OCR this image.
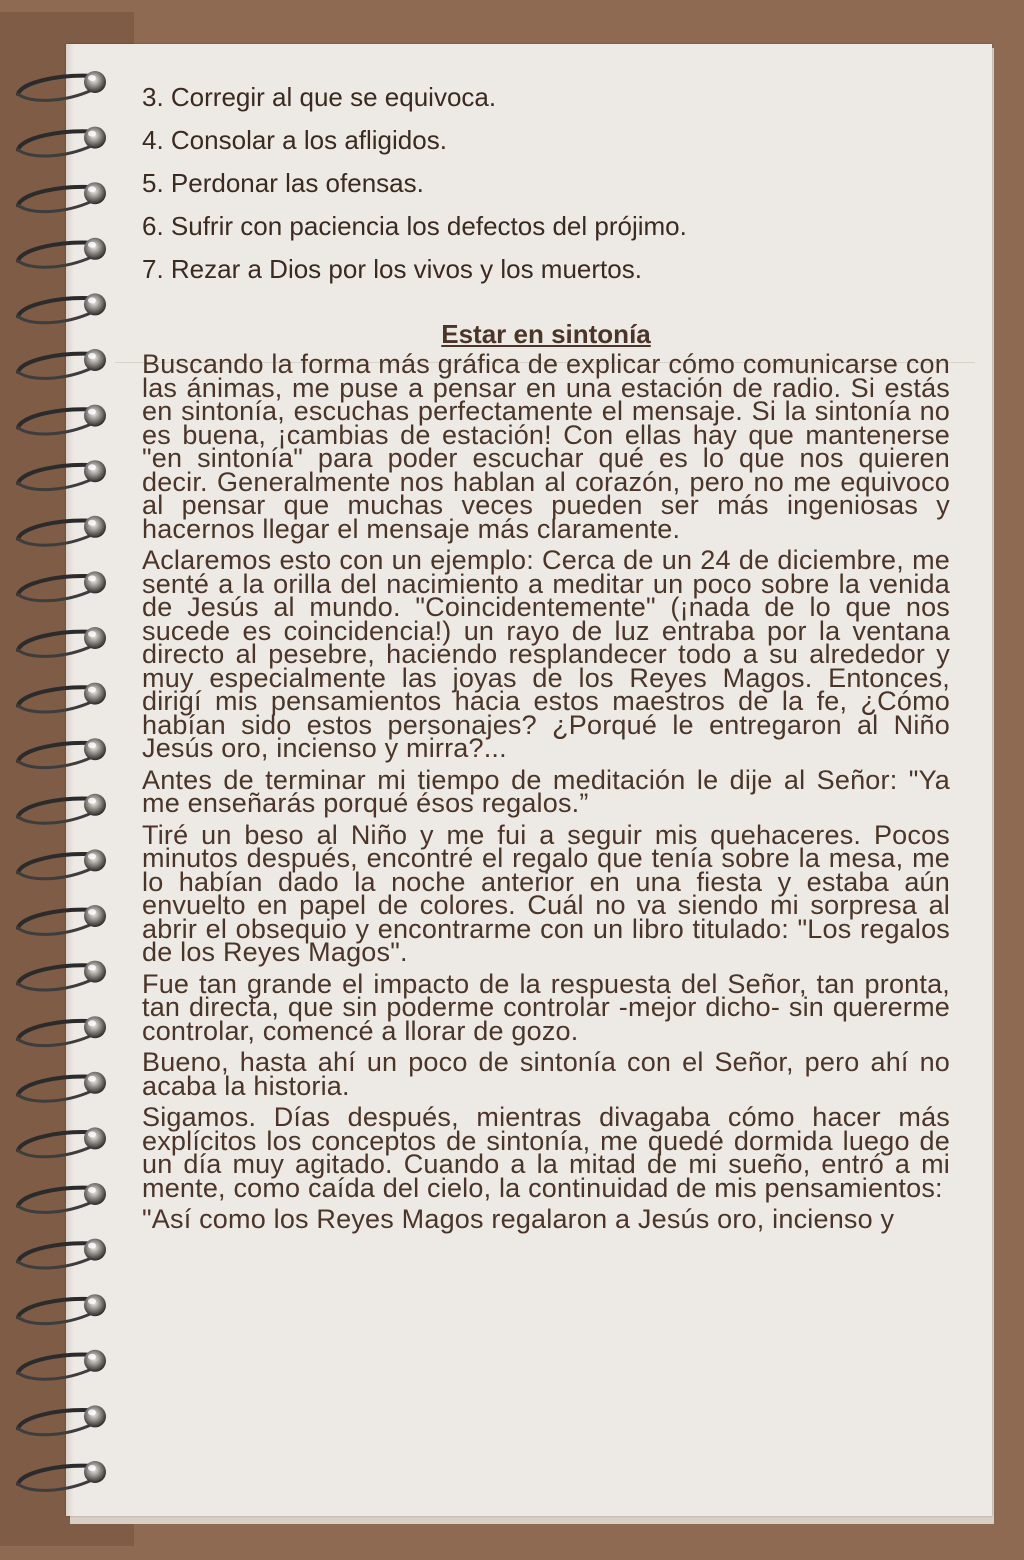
3. Corregir al que se equivoca.

4. Consolar a los afligidos.

5. Perdonar las ofensas.

6. Sufrir con paciencia los defectos del prójimo.

7. Rezar a Dios por los vivos y los muertos.

Estar en sintonía

Buscando la forma más gráfica de explicar cómo comunicarse con las ánimas, me puse a pensar en una estación de radio. Si estás en sintonía, escuchas perfectamente el mensaje. Si la sintonía no es buena, ¡cambias de estación! Con ellas hay que mantenerse "en sintonía" para poder escuchar qué es lo que nos quieren decir. Generalmente nos hablan al corazón, pero no me equivoco al pensar que muchas veces pueden ser más ingeniosas y hacernos llegar el mensaje más claramente.

Aclaremos esto con un ejemplo: Cerca de un 24 de diciembre, me senté a la orilla del nacimiento a meditar un poco sobre la venida de Jesús al mundo. "Coincidentemente" (¡nada de lo que nos sucede es coincidencia!) un rayo de luz entraba por la ventana directo al pesebre, haciendo resplandecer todo a su alrededor y muy especialmente las joyas de los Reyes Magos. Entonces, dirigí mis pensamientos hacia estos maestros de la fe, ¿Cómo habían sido estos personajes? ¿Porqué le entregaron al Niño Jesús oro, incienso y mirra?...

Antes de terminar mi tiempo de meditación le dije al Señor: "Ya me enseñarás porqué ésos regalos.”

Tiré un beso al Niño y me fui a seguir mis quehaceres. Pocos minutos después, encontré el regalo que tenía sobre la mesa, me lo habían dado la noche anterior en una fiesta y estaba aún envuelto en papel de colores. Cuál no va siendo mi sorpresa al abrir el obsequio y encontrarme con un libro titulado: "Los regalos de los Reyes Magos".

Fue tan grande el impacto de la respuesta del Señor, tan pronta, tan directa, que sin poderme controlar -mejor dicho- sin quererme controlar, comencé a llorar de gozo.

Bueno, hasta ahí un poco de sintonía con el Señor, pero ahí no acaba la historia.

Sigamos. Días después, mientras divagaba cómo hacer más explícitos los conceptos de sintonía, me quedé dormida luego de un día muy agitado. Cuando a la mitad de mi sueño, entró a mi mente, como caída del cielo, la continuidad de mis pensamientos:

"Así como los Reyes Magos regalaron a Jesús oro, incienso y
